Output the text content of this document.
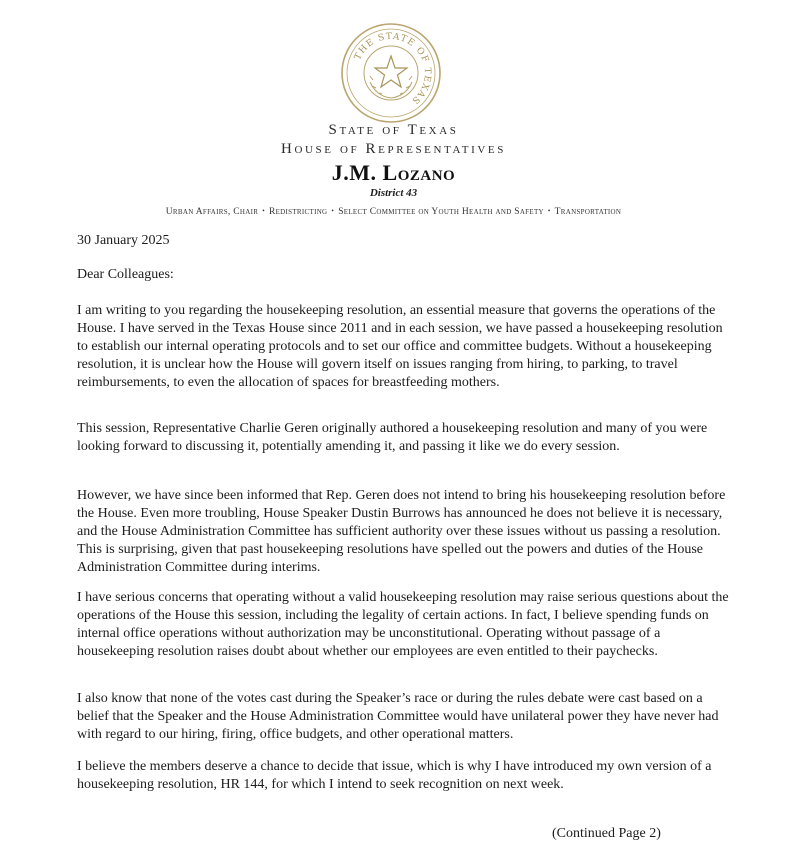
THE STATE OF TEXAS
State of Texas
House of Representatives
J.M. Lozano
District 43
Urban Affairs, Chair • Redistricting • Select Committee on Youth Health and Safety • Transportation
30 January 2025
Dear Colleagues:
I am writing to you regarding the housekeeping resolution, an essential measure that governs the operations of the House. I have served in the Texas House since 2011 and in each session, we have passed a housekeeping resolution to establish our internal operating protocols and to set our office and committee budgets. Without a housekeeping resolution, it is unclear how the House will govern itself on issues ranging from hiring, to parking, to travel reimbursements, to even the allocation of spaces for breastfeeding mothers.
This session, Representative Charlie Geren originally authored a housekeeping resolution and many of you were looking forward to discussing it, potentially amending it, and passing it like we do every session.
However, we have since been informed that Rep. Geren does not intend to bring his housekeeping resolution before the House. Even more troubling, House Speaker Dustin Burrows has announced he does not believe it is necessary, and the House Administration Committee has sufficient authority over these issues without us passing a resolution. This is surprising, given that past housekeeping resolutions have spelled out the powers and duties of the House Administration Committee during interims.
I have serious concerns that operating without a valid housekeeping resolution may raise serious questions about the operations of the House this session, including the legality of certain actions. In fact, I believe spending funds on internal office operations without authorization may be unconstitutional. Operating without passage of a housekeeping resolution raises doubt about whether our employees are even entitled to their paychecks.
I also know that none of the votes cast during the Speaker’s race or during the rules debate were cast based on a belief that the Speaker and the House Administration Committee would have unilateral power they have never had with regard to our hiring, firing, office budgets, and other operational matters.
I believe the members deserve a chance to decide that issue, which is why I have introduced my own version of a housekeeping resolution, HR 144, for which I intend to seek recognition on next week.
(Continued Page 2)
